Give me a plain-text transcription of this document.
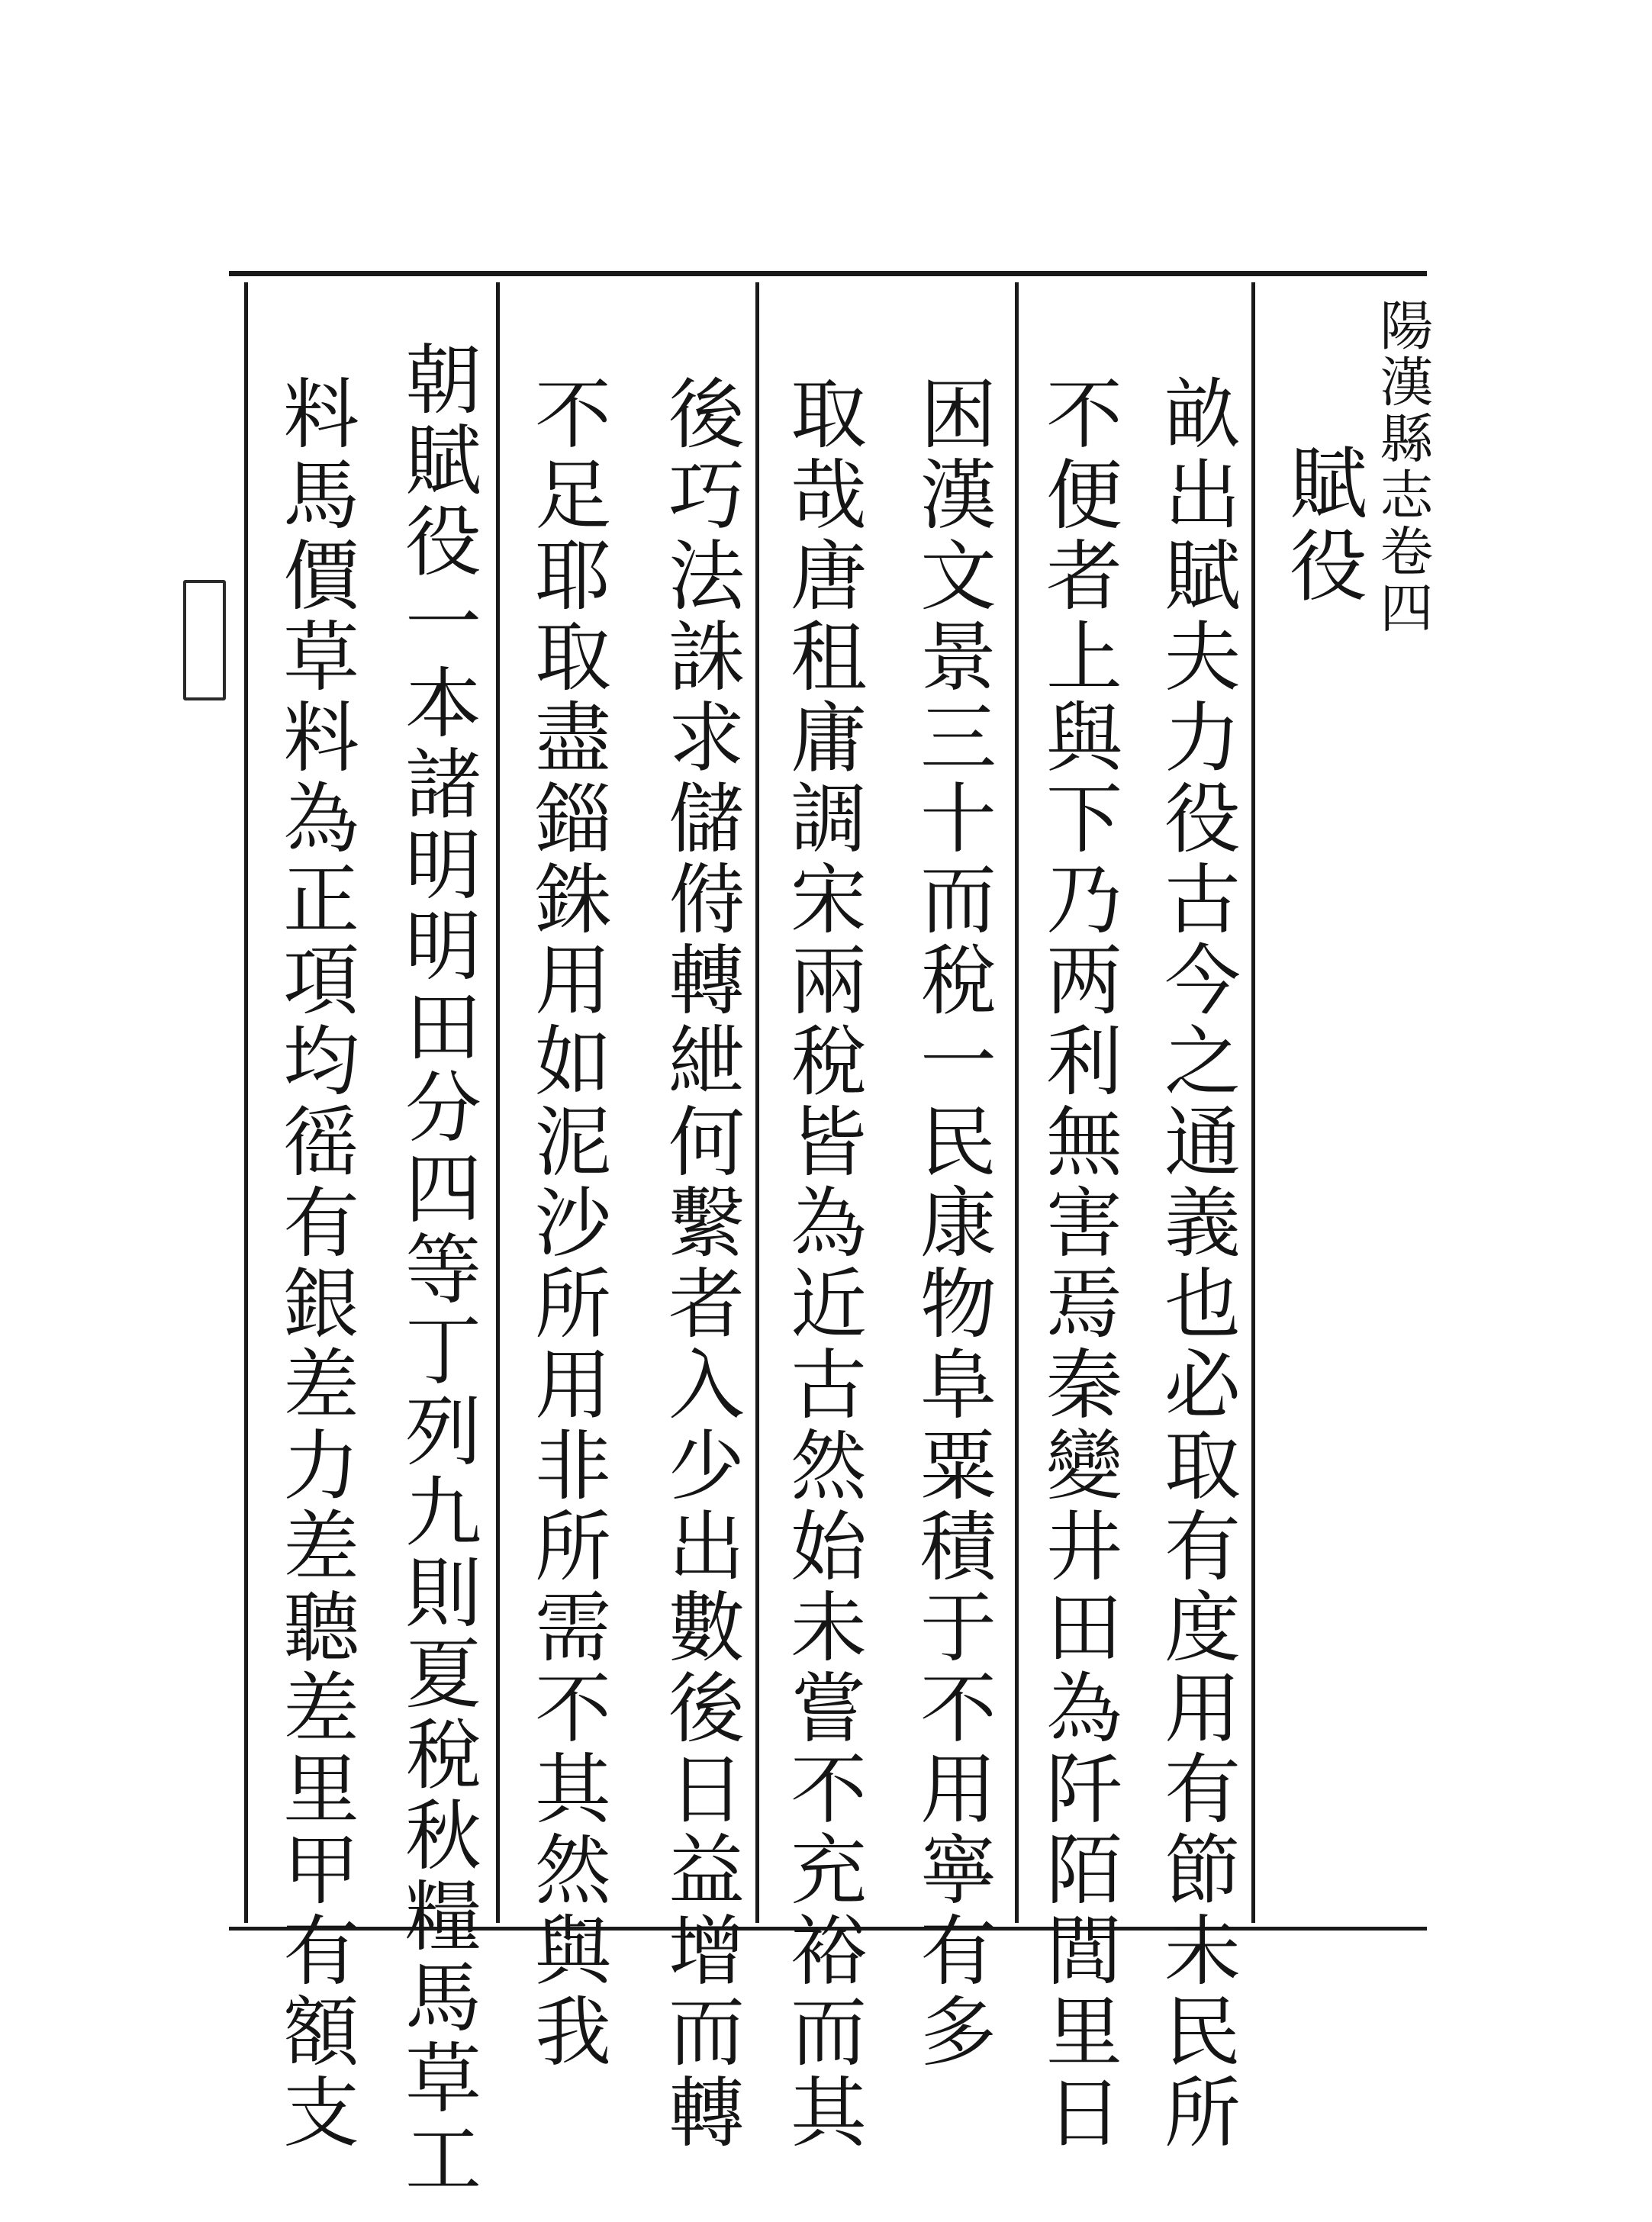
陽漢縣志卷四
賦役
畝出賦夫力役古今之通義也必取有度用有節未民所
不便者上與下乃两利無害焉秦變井田為阡陌閭里日
困漢文景三十而稅一民康物阜粟積于不用寧有多
取哉唐租庸調宋兩稅皆為近古然始未嘗不充裕而其
後巧法誅求儲偫轉紲何繫者入少出數後日益增而轉
不足耶取盡錙銖用如泥沙所用非所需不其然與我
朝賦役一本諸明明田分四等丁列九則夏稅秋糧馬草工
料馬價草料為正項均徭有銀差力差聽差里甲有額支
